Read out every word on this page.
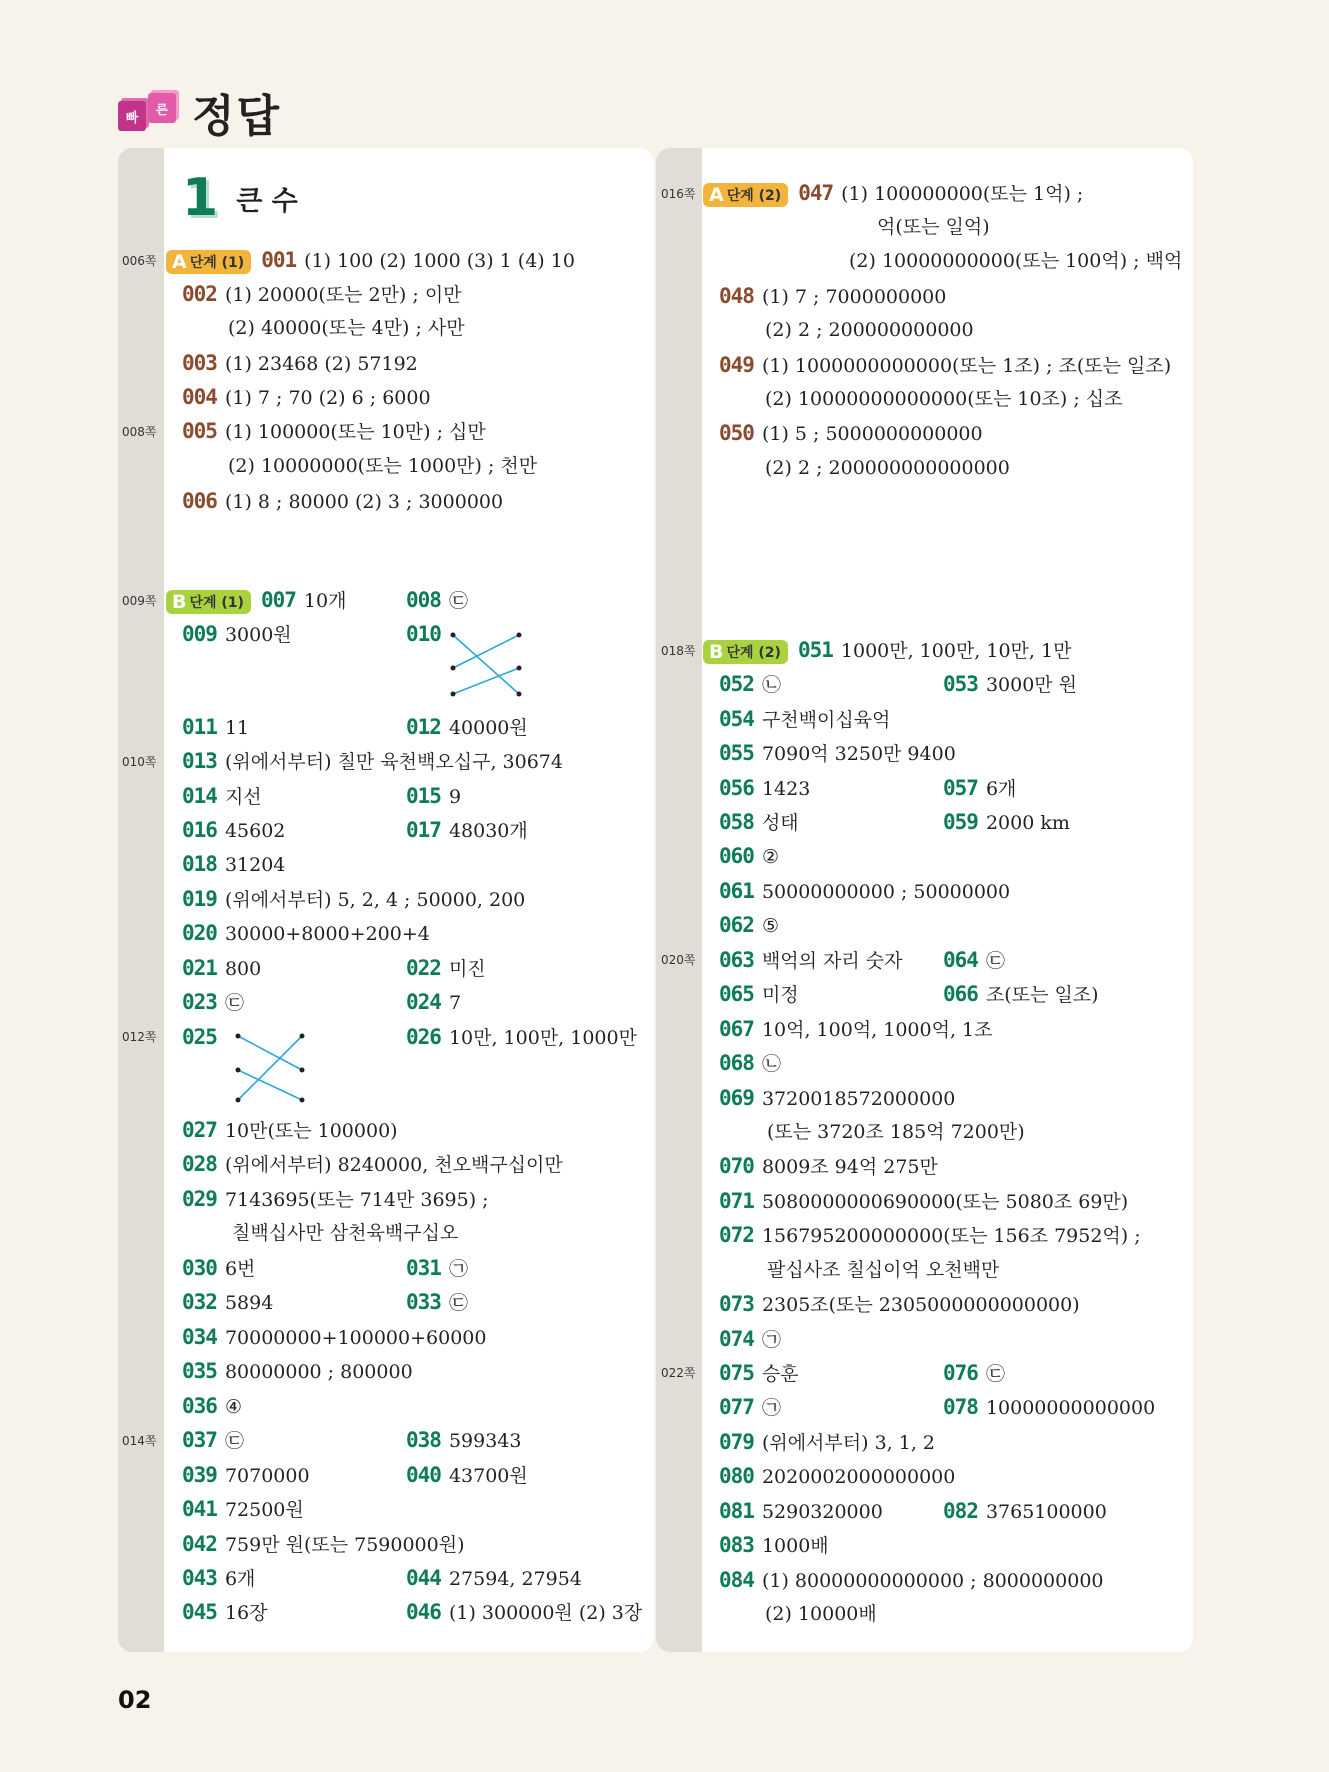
빠
른 정답
1 큰 수
006쪽
008쪽
009쪽
010쪽
012쪽
014쪽
016쪽
018쪽
020쪽
022쪽
A 단계 (1) 001 (1) 100 (2) 1000 (3) 1 (4) 10
002 (1) 20000(또는 2만) ; 이만
(2) 40000(또는 4만) ; 사만
003 (1) 23468 (2) 57192
004 (1) 7 ; 70 (2) 6 ; 6000
005 (1) 100000(또는 10만) ; 십만
(2) 10000000(또는 1000만) ; 천만
006 (1) 8 ; 80000 (2) 3 ; 3000000
B 단계 (1) 007 10개	008 ㉢
009 3000원	010
011 11	012 40000원
013 (위에서부터) 칠만 육천백오십구, 30674
014 지선	015 9
016 45602	017 48030개
018 31204
019 (위에서부터) 5, 2, 4 ; 50000, 200
020 30000+8000+200+4
021 800	022 미진
023 ㉢	024 7
025	026 10만, 100만, 1000만
027 10만(또는 100000)
028 (위에서부터) 8240000, 천오백구십이만
029 7143695(또는 714만 3695) ;
칠백십사만 삼천육백구십오
030 6번	031 ㉠
032 5894	033 ㉢
034 70000000+100000+60000
035 80000000 ; 800000
036 ④
037 ㉢	038 599343
039 7070000	040 43700원
041 72500원
042 759만 원(또는 7590000원)
043 6개	044 27594, 27954
045 16장	046 (1) 300000원 (2) 3장
A 단계 (2) 047 (1) 100000000(또는 1억) ;
억(또는 일억)
(2) 10000000000(또는 100억) ; 백억
048 (1) 7 ; 7000000000
(2) 2 ; 200000000000
049 (1) 1000000000000(또는 1조) ; 조(또는 일조)
(2) 10000000000000(또는 10조) ; 십조
050 (1) 5 ; 5000000000000
(2) 2 ; 200000000000000
B 단계 (2) 051 1000만, 100만, 10만, 1만
052 ㉡	053 3000만 원
054 구천백이십육억
055 7090억 3250만 9400
056 1423	057 6개
058 성태	059 2000 km
060 ②
061 50000000000 ; 50000000
062 ⑤
063 백억의 자리 숫자 064 ㉢
065 미정	066 조(또는 일조)
067 10억, 100억, 1000억, 1조
068 ㉡
069 3720018572000000
(또는 3720조 185억 7200만)
070 8009조 94억 275만
071 5080000000690000(또는 5080조 69만)
072 156795200000000(또는 156조 7952억) ;
팔십사조 칠십이억 오천백만
073 2305조(또는 2305000000000000)
074 ㉠
075 승훈	076 ㉢
077 ㉠	078 10000000000000
079 (위에서부터) 3, 1, 2
080 2020002000000000
081 5290320000	082 3765100000
083 1000배
084 (1) 80000000000000 ; 8000000000
(2) 10000배
02
